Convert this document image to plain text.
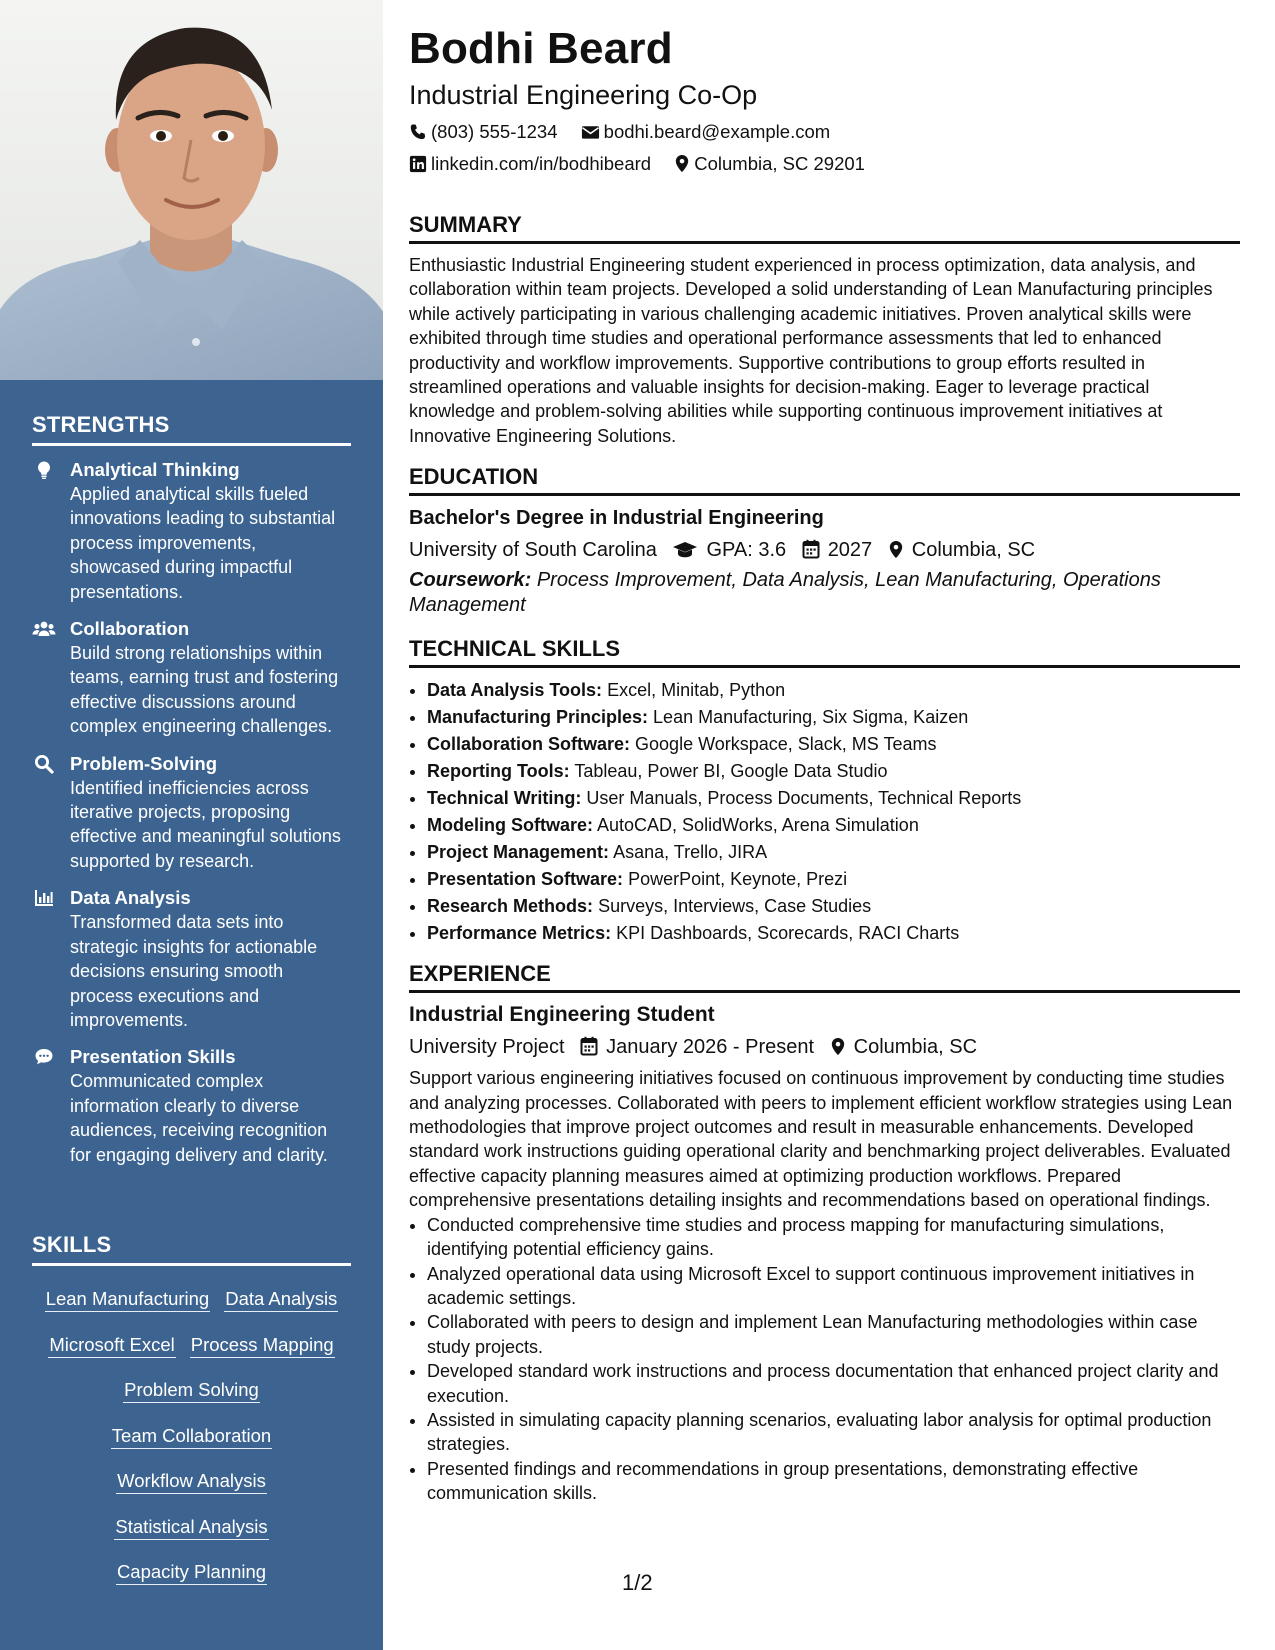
STRENGTHS
Analytical Thinking
Applied analytical skills fueled innovations leading to substantial process improvements, showcased during impactful presentations.
Collaboration
Build strong relationships within teams, earning trust and fostering effective discussions around complex engineering challenges.
Problem-Solving
Identified inefficiencies across iterative projects, proposing effective and meaningful solutions supported by research.
Data Analysis
Transformed data sets into strategic insights for actionable decisions ensuring smooth process executions and improvements.
Presentation Skills
Communicated complex information clearly to diverse audiences, receiving recognition for engaging delivery and clarity.
SKILLS
Lean Manufacturing Data Analysis
Microsoft Excel Process Mapping
Problem Solving
Team Collaboration
Workflow Analysis
Statistical Analysis
Capacity Planning
Bodhi Beard
Industrial Engineering Co-Op
(803) 555-1234 bodhi.beard@example.com
linkedin.com/in/bodhibeard Columbia, SC 29201
SUMMARY

Enthusiastic Industrial Engineering student experienced in process optimization, data analysis, and collaboration within team projects. Developed a solid understanding of Lean Manufacturing principles while actively participating in various challenging academic initiatives. Proven analytical skills were exhibited through time studies and operational performance assessments that led to enhanced productivity and workflow improvements. Supportive contributions to group efforts resulted in streamlined operations and valuable insights for decision-making. Eager to leverage practical knowledge and problem-solving abilities while supporting continuous improvement initiatives at Innovative Engineering Solutions.

EDUCATION
Bachelor's Degree in Industrial Engineering
University of South Carolina GPA: 3.6 2027 Columbia, SC
Coursework: Process Improvement, Data Analysis, Lean Manufacturing, Operations Management
TECHNICAL SKILLS
• Data Analysis Tools: Excel, Minitab, Python
• Manufacturing Principles: Lean Manufacturing, Six Sigma, Kaizen
• Collaboration Software: Google Workspace, Slack, MS Teams
• Reporting Tools: Tableau, Power BI, Google Data Studio
• Technical Writing: User Manuals, Process Documents, Technical Reports
• Modeling Software: AutoCAD, SolidWorks, Arena Simulation
• Project Management: Asana, Trello, JIRA
• Presentation Software: PowerPoint, Keynote, Prezi
• Research Methods: Surveys, Interviews, Case Studies
• Performance Metrics: KPI Dashboards, Scorecards, RACI Charts
EXPERIENCE
Industrial Engineering Student
University Project January 2026 - Present Columbia, SC

Support various engineering initiatives focused on continuous improvement by conducting time studies and analyzing processes. Collaborated with peers to implement efficient workflow strategies using Lean methodologies that improve project outcomes and result in measurable enhancements. Developed standard work instructions guiding operational clarity and benchmarking project deliverables. Evaluated effective capacity planning measures aimed at optimizing production workflows. Prepared comprehensive presentations detailing insights and recommendations based on operational findings.

• Conducted comprehensive time studies and process mapping for manufacturing simulations, identifying potential efficiency gains.
• Analyzed operational data using Microsoft Excel to support continuous improvement initiatives in academic settings.
• Collaborated with peers to design and implement Lean Manufacturing methodologies within case study projects.
• Developed standard work instructions and process documentation that enhanced project clarity and execution.
• Assisted in simulating capacity planning scenarios, evaluating labor analysis for optimal production strategies.
• Presented findings and recommendations in group presentations, demonstrating effective communication skills.
1/2
